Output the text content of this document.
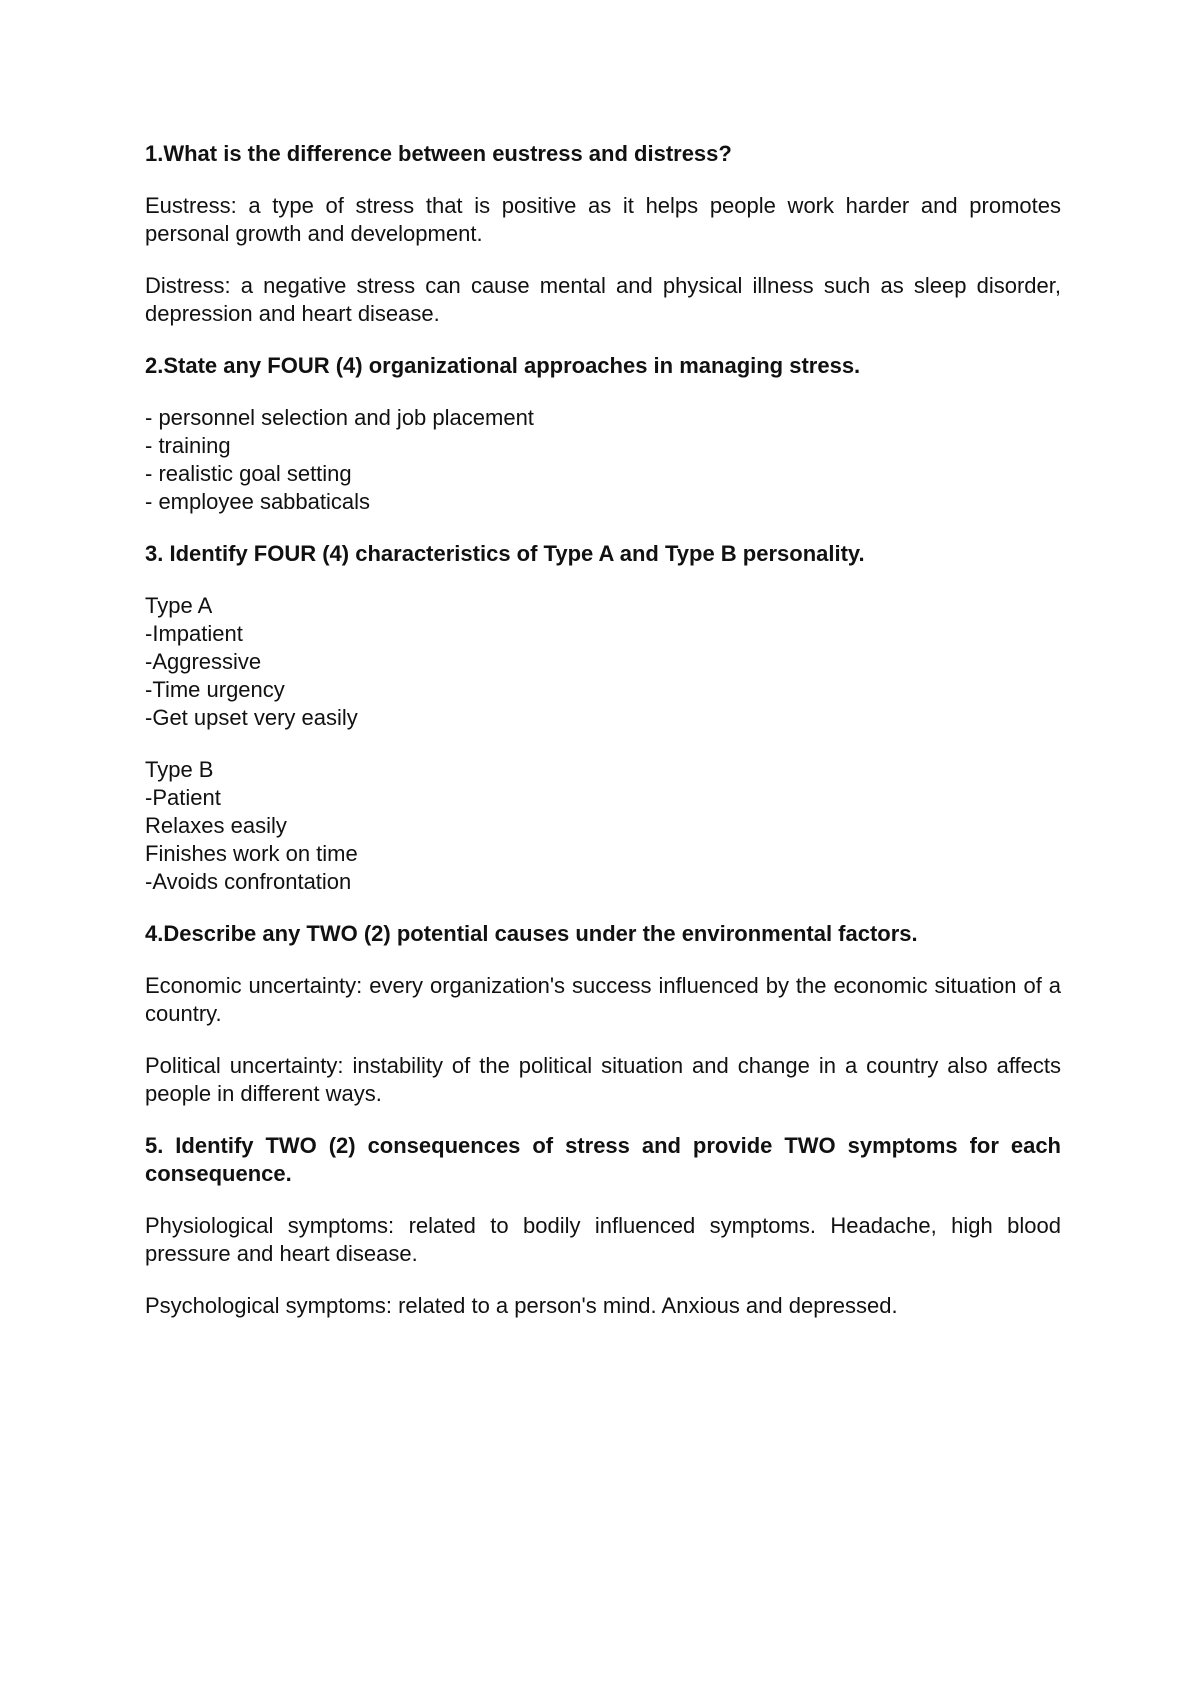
1.What is the difference between eustress and distress?

Eustress: a type of stress that is positive as it helps people work harder and promotes personal growth and development.

Distress: a negative stress can cause mental and physical illness such as sleep disorder, depression and heart disease.

2.State any FOUR (4) organizational approaches in managing stress.

- personnel selection and job placement
- training
- realistic goal setting
- employee sabbaticals

3. Identify FOUR (4) characteristics of Type A and Type B personality.

Type A
-Impatient
-Aggressive
-Time urgency
-Get upset very easily
Type B
-Patient
Relaxes easily
Finishes work on time
-Avoids confrontation

4.Describe any TWO (2) potential causes under the environmental factors.

Economic uncertainty: every organization's success influenced by the economic situation of a country.

Political uncertainty: instability of the political situation and change in a country also affects people in different ways.

5. Identify TWO (2) consequences of stress and provide TWO symptoms for each consequence.

Physiological symptoms: related to bodily influenced symptoms. Headache, high blood pressure and heart disease.

Psychological symptoms: related to a person's mind. Anxious and depressed.
